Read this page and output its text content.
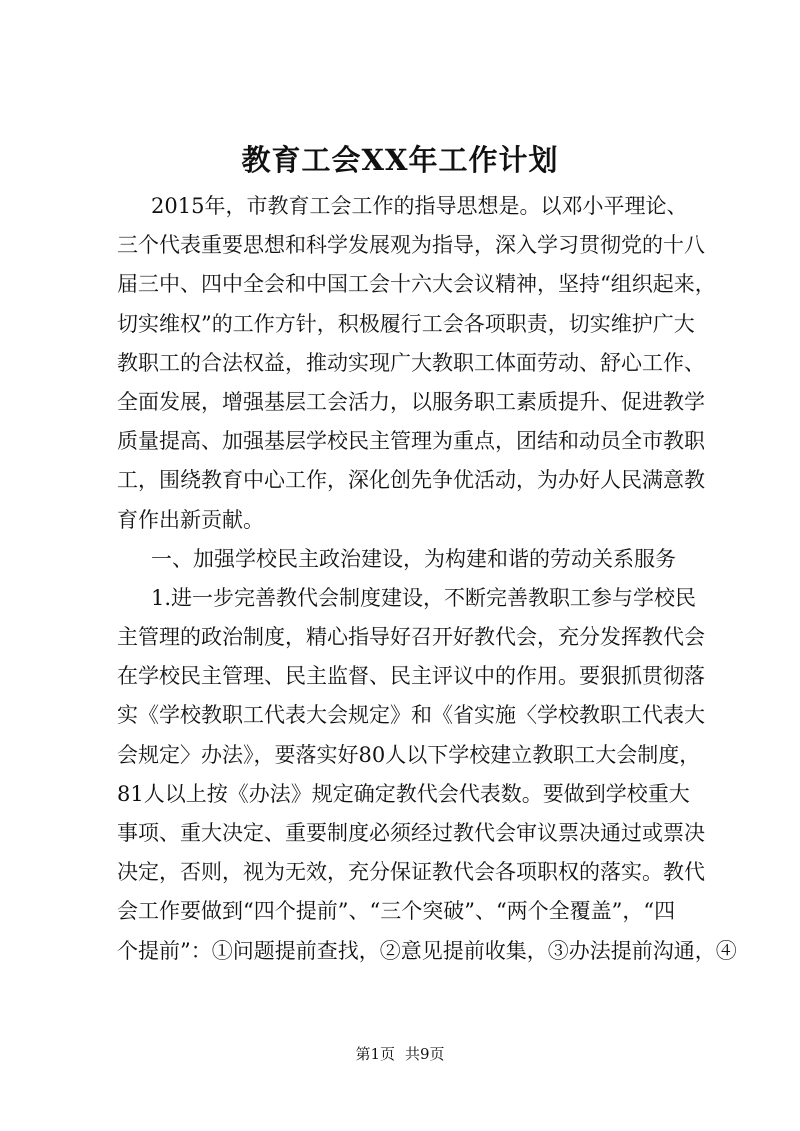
教育工会XX年工作计划
2015年，市教育工会工作的指导思想是。以邓小平理论、
三个代表重要思想和科学发展观为指导，深入学习贯彻党的十八
届三中、四中全会和中国工会十六大会议精神，坚持“组织起来，
切实维权”的工作方针，积极履行工会各项职责，切实维护广大
教职工的合法权益，推动实现广大教职工体面劳动、舒心工作、
全面发展，增强基层工会活力，以服务职工素质提升、促进教学
质量提高、加强基层学校民主管理为重点，团结和动员全市教职
工，围绕教育中心工作，深化创先争优活动，为办好人民满意教
育作出新贡献。
一、加强学校民主政治建设，为构建和谐的劳动关系服务
1.进一步完善教代会制度建设，不断完善教职工参与学校民
主管理的政治制度，精心指导好召开好教代会，充分发挥教代会
在学校民主管理、民主监督、民主评议中的作用。要狠抓贯彻落
实《学校教职工代表大会规定》和《省实施〈学校教职工代表大
会规定〉办法》，要落实好80人以下学校建立教职工大会制度，
81人以上按《办法》规定确定教代会代表数。要做到学校重大
事项、重大决定、重要制度必须经过教代会审议票决通过或票决
决定，否则，视为无效，充分保证教代会各项职权的落实。教代
会工作要做到“四个提前”、“三个突破”、“两个全覆盖”，“四
个提前”：①问题提前查找，②意见提前收集，③办法提前沟通，④
第1页 共9页
